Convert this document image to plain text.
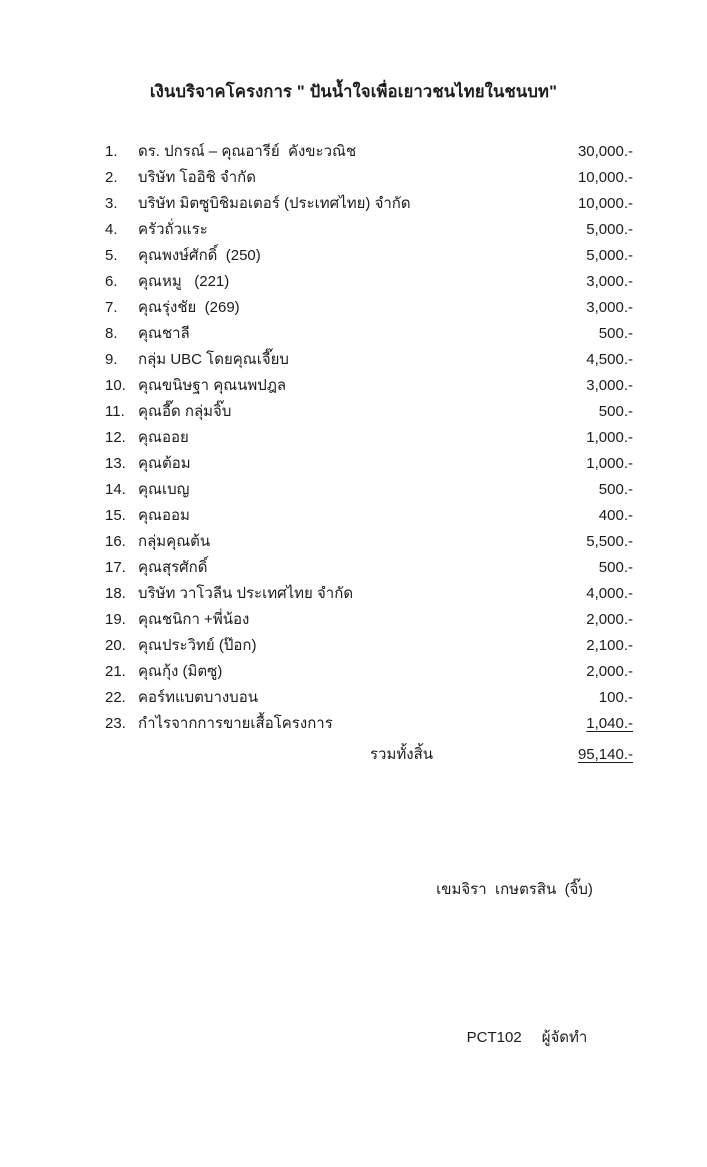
เงินบริจาคโครงการ " ปันน้ำใจเพื่อเยาวชนไทยในชนบท"
1.	ดร. ปกรณ์ – คุณอารีย์  คังขะวณิช	30,000.-
2.	บริษัท โออิชิ จำกัด	10,000.-
3.	บริษัท มิตซูบิชิมอเตอร์ (ประเทศไทย) จำกัด	10,000.-
4.	ครัวถั่วแระ	5,000.-
5.	คุณพงษ์ศักดิ์  (250)	5,000.-
6.	คุณหมู   (221)	3,000.-
7.	คุณรุ่งชัย  (269)	3,000.-
8.	คุณชาลี	500.-
9.	กลุ่ม UBC โดยคุณเจี๊ยบ	4,500.-
10. คุณขนิษฐา คุณนพปฎล	3,000.-
11. คุณอี๊ด กลุ่มจิ๊บ	500.-
12. คุณออย	1,000.-
13. คุณต้อม	1,000.-
14. คุณเบญ	500.-
15. คุณออม	400.-
16. กลุ่มคุณต้น	5,500.-
17. คุณสุรศักดิ์	500.-
18. บริษัท วาโวลีน ประเทศไทย จำกัด	4,000.-
19. คุณชนิกา +พี่น้อง	2,000.-
20. คุณประวิทย์ (ป๊อก)	2,100.-
21. คุณกุ้ง (มิตซู)	2,000.-
22. คอร์ทแบตบางบอน	100.-
23. กำไรจากการขายเสื้อโครงการ	1,040.-
รวมทั้งสิ้น	95,140.-

เขมจิรา  เกษตรสิน  (จิ๊บ)

PCT102 ผู้จัดทำ
